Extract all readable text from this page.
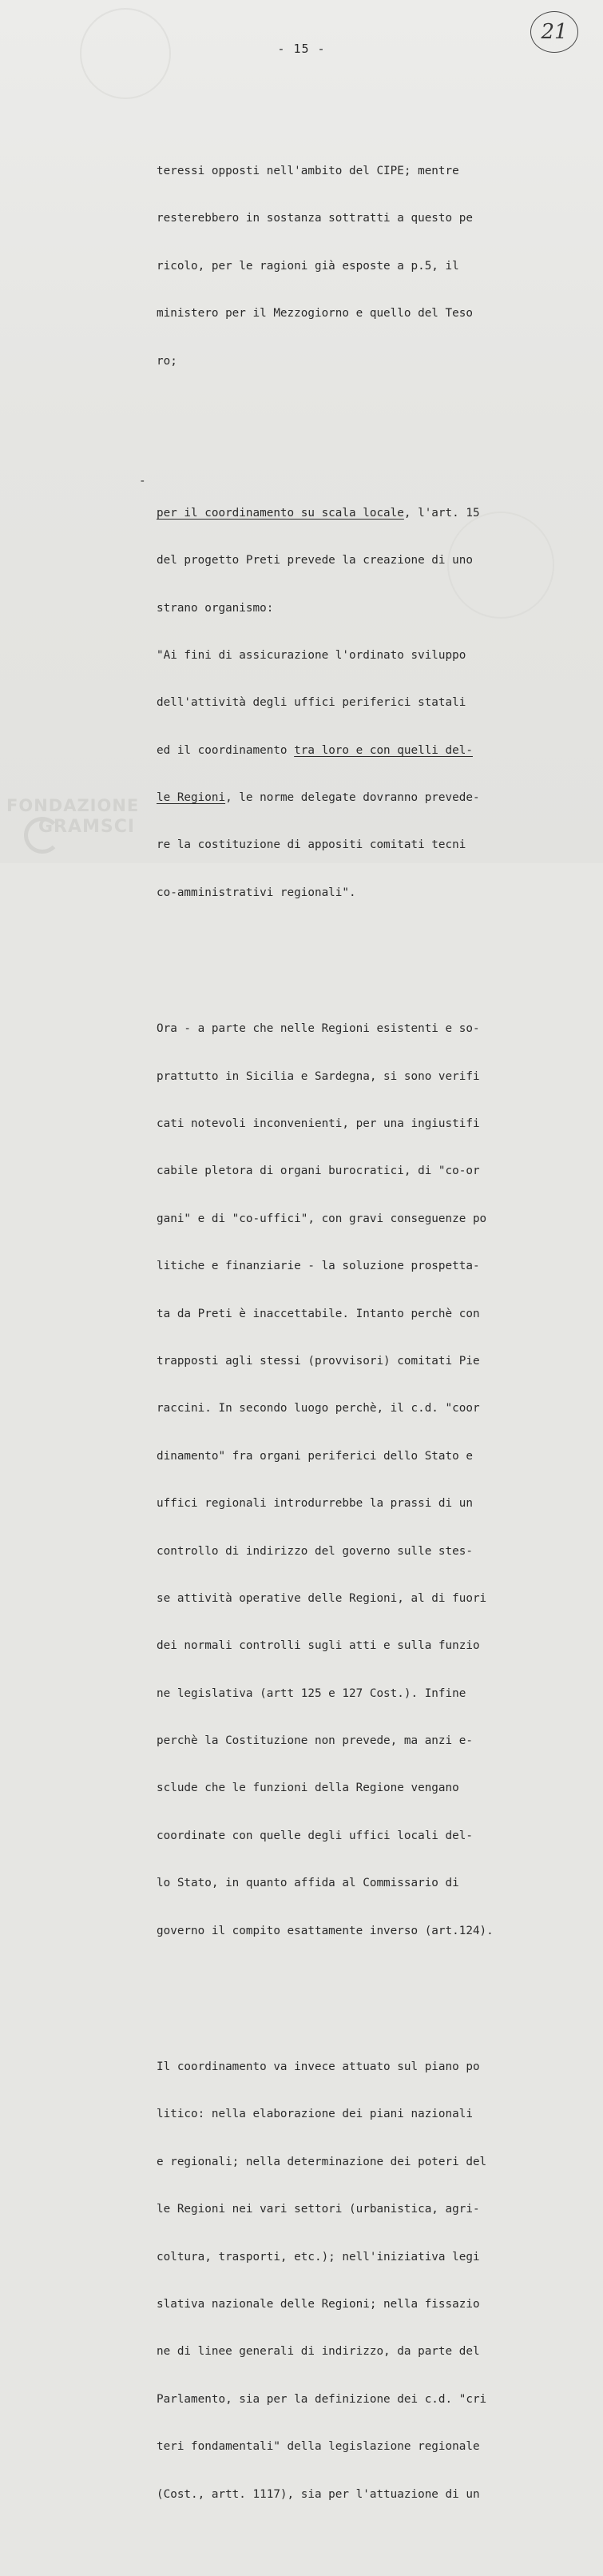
- 15 -
21

teressi opposti nell'ambito del CIPE; mentre

resterebbero in sostanza sottratti a questo pe

ricolo, per le ragioni già esposte a p.5, il

ministero per il Mezzogiorno e quello del Teso

ro;

-

per il coordinamento su scala locale, l'art. 15

del progetto Preti prevede la creazione di uno

strano organismo:

"Ai fini di assicurazione l'ordinato sviluppo

dell'attività degli uffici periferici statali

ed il coordinamento tra loro e con quelli del-

le Regioni, le norme delegate dovranno prevede-

re la costituzione di appositi comitati tecni

co-amministrativi regionali".

Ora - a parte che nelle Regioni esistenti e so-

prattutto in Sicilia e Sardegna, si sono verifi

cati notevoli inconvenienti, per una ingiustifi

cabile pletora di organi burocratici, di "co-or

gani" e di "co-uffici", con gravi conseguenze po

litiche e finanziarie - la soluzione prospetta-

ta da Preti è inaccettabile. Intanto perchè con

trapposti agli stessi (provvisori) comitati Pie

raccini. In secondo luogo perchè, il c.d. "coor

dinamento" fra organi periferici dello Stato e

uffici regionali introdurrebbe la prassi di un

controllo di indirizzo del governo sulle stes-

se attività operative delle Regioni, al di fuori

dei normali controlli sugli atti e sulla funzio

ne legislativa (artt 125 e 127 Cost.). Infine

perchè la Costituzione non prevede, ma anzi e-

sclude che le funzioni della Regione vengano

coordinate con quelle degli uffici locali del-

lo Stato, in quanto affida al Commissario di

governo il compito esattamente inverso (art.124).

Il coordinamento va invece attuato sul piano po

litico: nella elaborazione dei piani nazionali

e regionali; nella determinazione dei poteri del

le Regioni nei vari settori (urbanistica, agri-

coltura, trasporti, etc.); nell'iniziativa legi

slativa nazionale delle Regioni; nella fissazio

ne di linee generali di indirizzo, da parte del

Parlamento, sia per la definizione dei c.d. "cri

teri fondamentali" della legislazione regionale

(Cost., artt. 1117), sia per l'attuazione di un

FONDAZIONE
GRAMSCI
